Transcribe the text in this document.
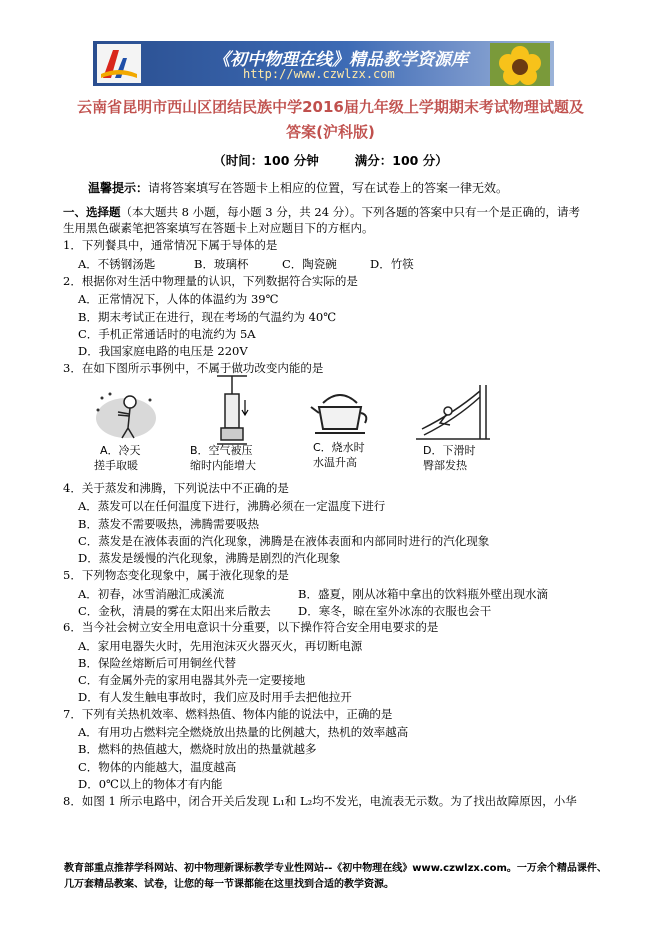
《初中物理在线》精品教学资源库
http://www.czwlzx.com
云南省昆明市西山区团结民族中学2016届九年级上学期期末考试物理试题及
答案(沪科版)
（时间：100 分钟	满分：100 分）
温馨提示：请将答案填写在答题卡上相应的位置，写在试卷上的答案一律无效。
一、选择题（本大题共 8 小题，每小题 3 分，共 24 分）。下列各题的答案中只有一个是正确的，请考
生用黑色碳素笔把答案填写在答题卡上对应题目下的方框内。
1．下列餐具中，通常情况下属于导体的是
A．不锈钢汤匙	B．玻璃杯	C．陶瓷碗	D．竹筷
2．根据你对生活中物理量的认识，下列数据符合实际的是
A．正常情况下，人体的体温约为 39℃
B．期末考试正在进行，现在考场的气温约为 40℃
C．手机正常通话时的电流约为 5A
D．我国家庭电路的电压是 220V
3．在如下图所示事例中，不属于做功改变内能的是
A．冷天
搓手取暖
B．空气被压
缩时内能增大
C．烧水时
水温升高
D．下滑时
臀部发热
4．关于蒸发和沸腾，下列说法中不正确的是
A．蒸发可以在任何温度下进行，沸腾必须在一定温度下进行
B．蒸发不需要吸热，沸腾需要吸热
C．蒸发是在液体表面的汽化现象，沸腾是在液体表面和内部同时进行的汽化现象
D．蒸发是缓慢的汽化现象，沸腾是剧烈的汽化现象
5．下列物态变化现象中，属于液化现象的是
A．初春，冰雪消融汇成溪流	B．盛夏，刚从冰箱中拿出的饮料瓶外壁出现水滴
C．金秋，清晨的雾在太阳出来后散去 D．寒冬，晾在室外冰冻的衣服也会干
6．当今社会树立安全用电意识十分重要，以下操作符合安全用电要求的是
A．家用电器失火时，先用泡沫灭火器灭火，再切断电源
B．保险丝熔断后可用铜丝代替
C．有金属外壳的家用电器其外壳一定要接地
D．有人发生触电事故时，我们应及时用手去把他拉开
7．下列有关热机效率、燃料热值、物体内能的说法中，正确的是
A．有用功占燃料完全燃烧放出热量的比例越大，热机的效率越高
B．燃料的热值越大，燃烧时放出的热量就越多
C．物体的内能越大，温度越高
D．0℃以上的物体才有内能
8．如图 1 所示电路中，闭合开关后发现 L₁和 L₂均不发光，电流表无示数。为了找出故障原因，小华
教育部重点推荐学科网站、初中物理新课标教学专业性网站--《初中物理在线》www.czwlzx.com。一万余个精品课件、
几万套精品教案、试卷，让您的每一节课都能在这里找到合适的教学资源。
